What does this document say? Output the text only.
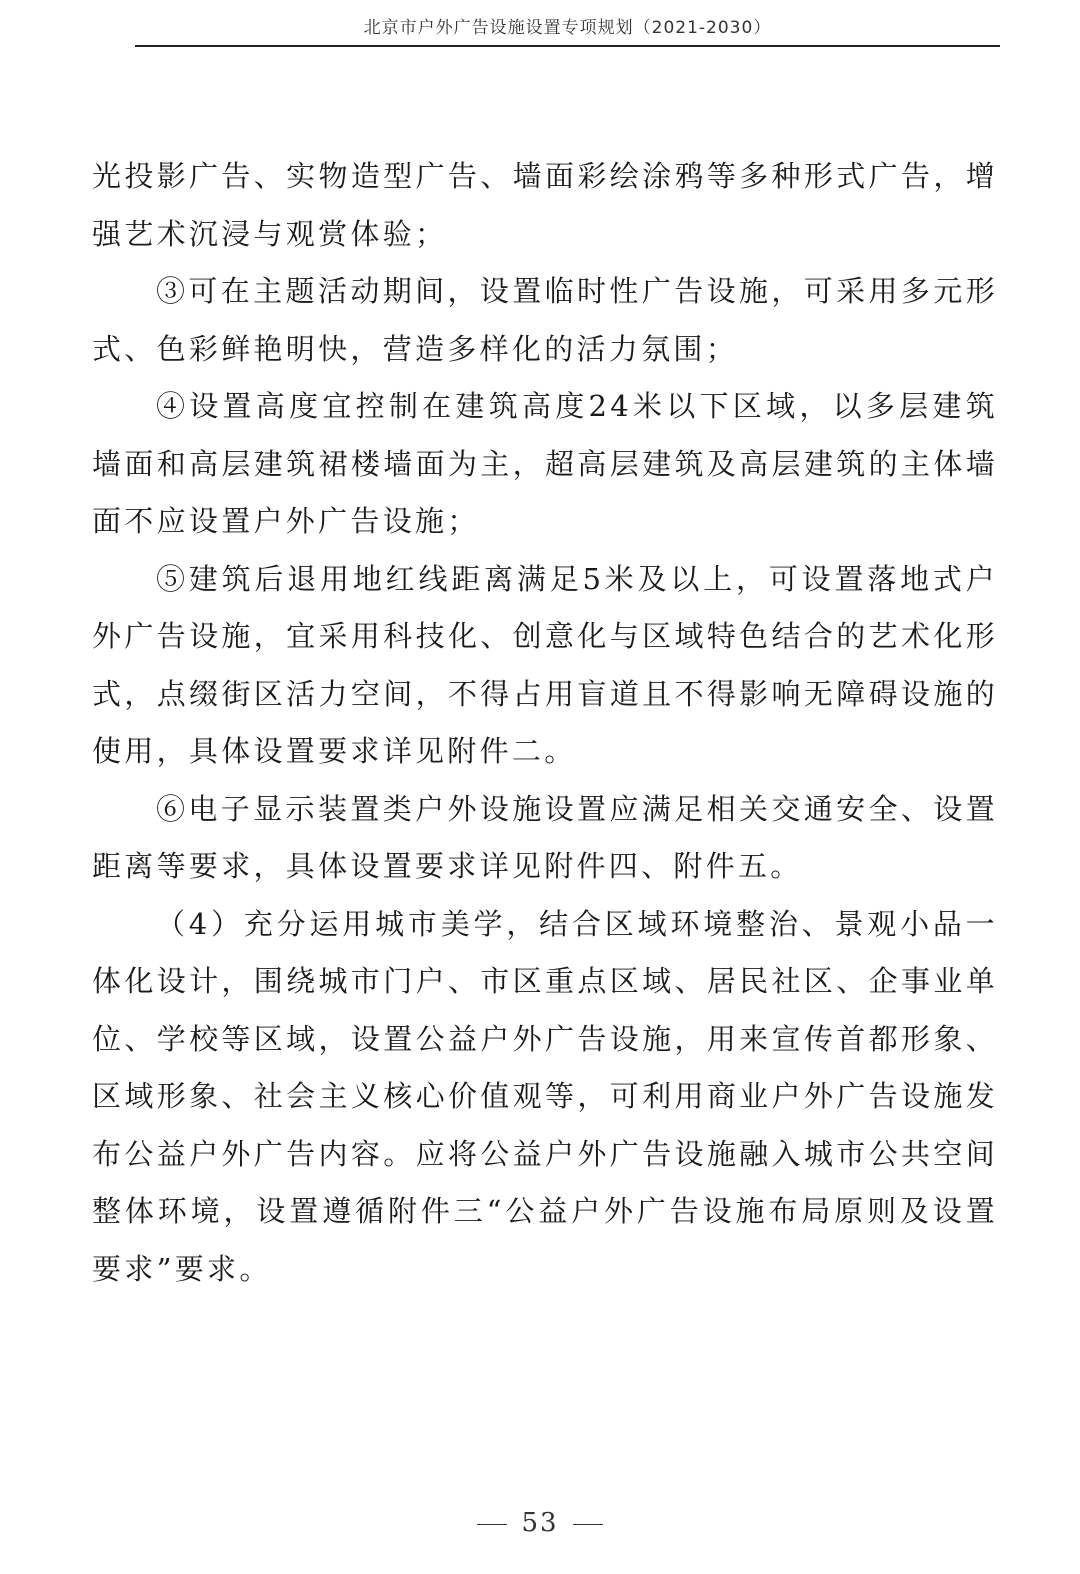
北京市户外广告设施设置专项规划（2021-2030）

光投影广告、实物造型广告、墙面彩绘涂鸦等多种形式广告，增强艺术沉浸与观赏体验；

③可在主题活动期间，设置临时性广告设施，可采用多元形式、色彩鲜艳明快，营造多样化的活力氛围；

④设置高度宜控制在建筑高度24米以下区域，以多层建筑墙面和高层建筑裙楼墙面为主，超高层建筑及高层建筑的主体墙面不应设置户外广告设施；

⑤建筑后退用地红线距离满足5米及以上，可设置落地式户外广告设施，宜采用科技化、创意化与区域特色结合的艺术化形式，点缀街区活力空间，不得占用盲道且不得影响无障碍设施的使用，具体设置要求详见附件二。

⑥电子显示装置类户外设施设置应满足相关交通安全、设置距离等要求，具体设置要求详见附件四、附件五。

（4）充分运用城市美学，结合区域环境整治、景观小品一体化设计，围绕城市门户、市区重点区域、居民社区、企事业单位、学校等区域，设置公益户外广告设施，用来宣传首都形象、区域形象、社会主义核心价值观等，可利用商业户外广告设施发布公益户外广告内容。应将公益户外广告设施融入城市公共空间整体环境，设置遵循附件三“公益户外广告设施布局原则及设置要求”要求。

53
